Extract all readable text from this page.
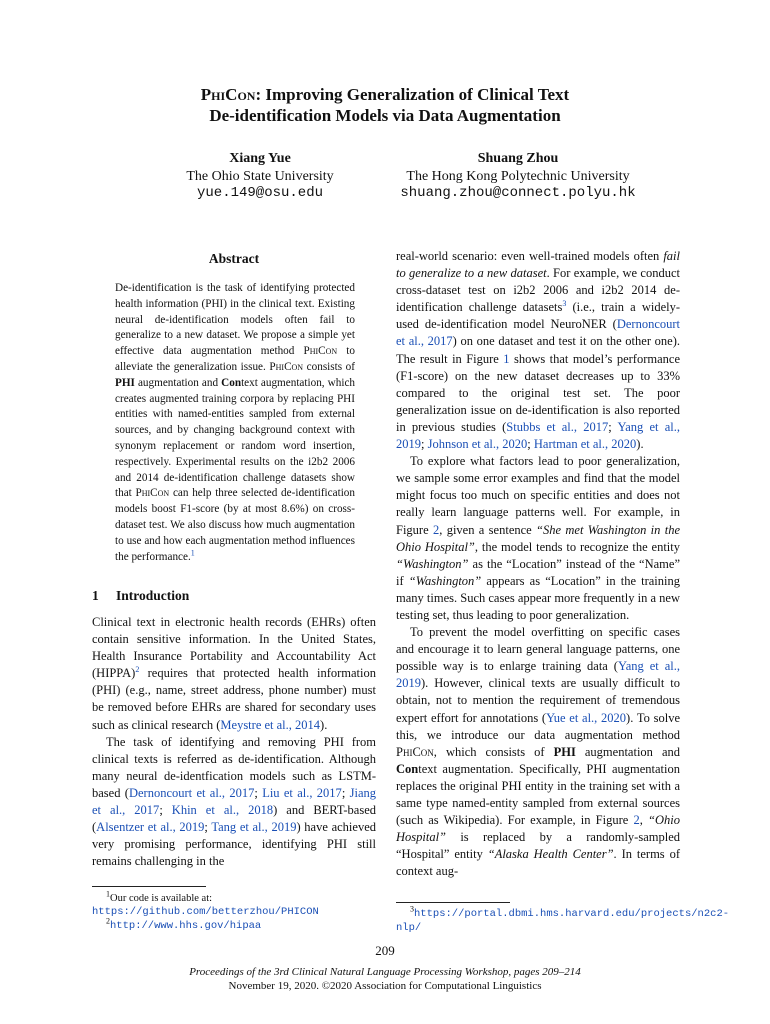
PhiCon: Improving Generalization of Clinical Text
De-identification Models via Data Augmentation
Xiang Yue
The Ohio State University
yue.149@osu.edu
Shuang Zhou
The Hong Kong Polytechnic University
shuang.zhou@connect.polyu.hk
Abstract
De-identification is the task of identifying protected health information (PHI) in the clinical text. Existing neural de-identification models often fail to generalize to a new dataset. We propose a simple yet effective data augmentation method PhiCon to alleviate the generalization issue. PhiCon consists of PHI augmentation and Context augmentation, which creates augmented training corpora by replacing PHI entities with named-entities sampled from external sources, and by changing background context with synonym replacement or random word insertion, respectively. Experimental results on the i2b2 2006 and 2014 de-identification challenge datasets show that PhiCon can help three selected de-identification models boost F1-score (by at most 8.6%) on cross-dataset test. We also discuss how much augmentation to use and how each augmentation method influences the performance.$^1$
1 Introduction

Clinical text in electronic health records (EHRs) often contain sensitive information. In the United States, Health Insurance Portability and Accountability Act (HIPPA)$^2$ requires that protected health information (PHI) (e.g., name, street address, phone number) must be removed before EHRs are shared for secondary uses such as clinical research (Meystre et al., 2014).

The task of identifying and removing PHI from clinical texts is referred as de-identification. Although many neural de-identfication models such as LSTM-based (Dernoncourt et al., 2017; Liu et al., 2017; Jiang et al., 2017; Khin et al., 2018) and BERT-based (Alsentzer et al., 2019; Tang et al., 2019) have achieved very promising performance, identifying PHI still remains challenging in the

$^1$Our code is available at: https://github.com/betterzhou/PHICON
$^2$http://www.hhs.gov/hipaa

real-world scenario: even well-trained models often fail to generalize to a new dataset. For example, we conduct cross-dataset test on i2b2 2006 and i2b2 2014 de-identification challenge datasets$^3$ (i.e., train a widely-used de-identification model NeuroNER (Dernoncourt et al., 2017) on one dataset and test it on the other one). The result in Figure 1 shows that model’s performance (F1-score) on the new dataset decreases up to 33% compared to the original test set. The poor generalization issue on de-identification is also reported in previous studies (Stubbs et al., 2017; Yang et al., 2019; Johnson et al., 2020; Hartman et al., 2020).

To explore what factors lead to poor generalization, we sample some error examples and find that the model might focus too much on specific entities and does not really learn language patterns well. For example, in Figure 2, given a sentence “She met Washington in the Ohio Hospital”, the model tends to recognize the entity “Washington” as the “Location” instead of the “Name” if “Washington” appears as “Location” in the training many times. Such cases appear more frequently in a new testing set, thus leading to poor generalization.

To prevent the model overfitting on specific cases and encourage it to learn general language patterns, one possible way is to enlarge training data (Yang et al., 2019). However, clinical texts are usually difficult to obtain, not to mention the requirement of tremendous expert effort for annotations (Yue et al., 2020). To solve this, we introduce our data augmentation method PhiCon, which consists of PHI augmentation and Context augmentation. Specifically, PHI augmentation replaces the original PHI entity in the training set with a same type named-entity sampled from external sources (such as Wikipedia). For example, in Figure 2, “Ohio Hospital” is replaced by a randomly-sampled “Hospital” entity “Alaska Health Center”. In terms of context aug-

$^3$https://portal.dbmi.hms.harvard.edu/projects/n2c2-nlp/
209
Proceedings of the 3rd Clinical Natural Language Processing Workshop, pages 209–214
November 19, 2020. ©2020 Association for Computational Linguistics
